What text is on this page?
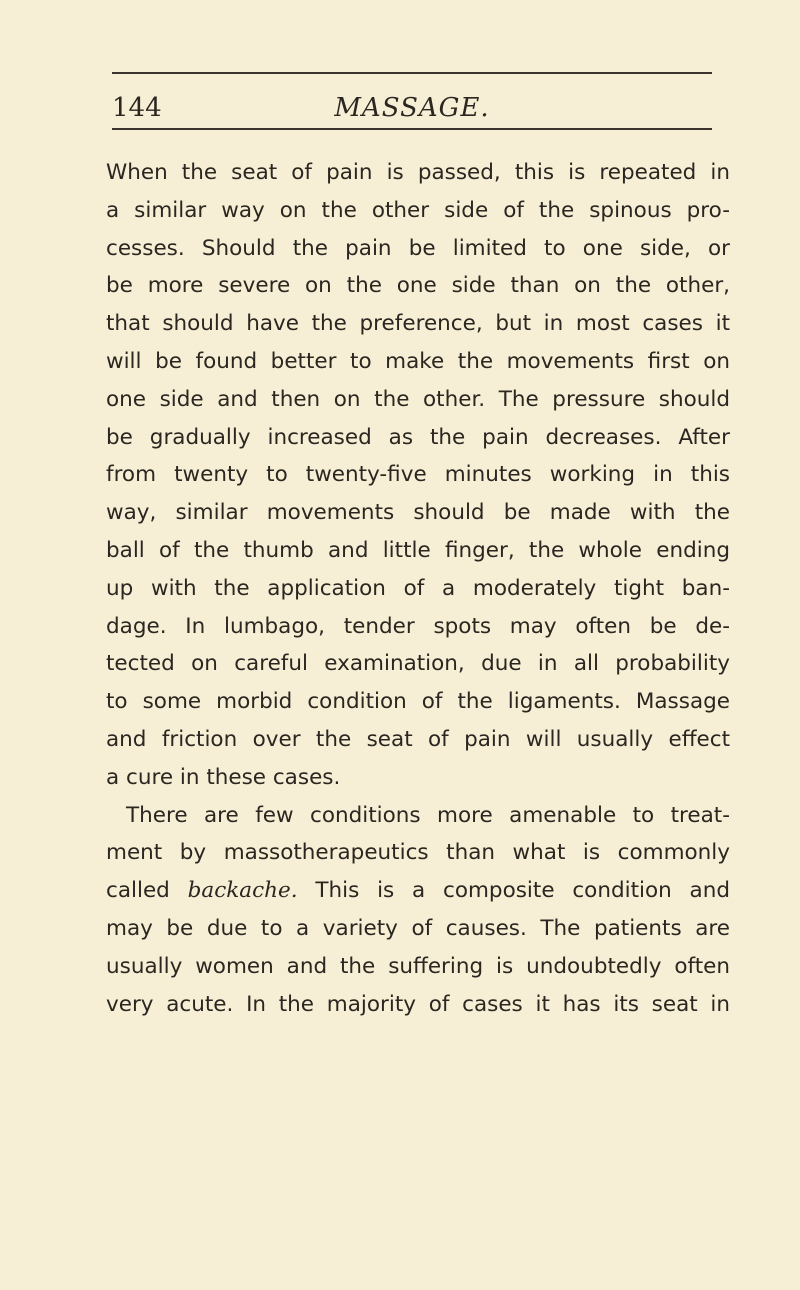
144	MASSAGE.
When the seat of pain is passed, this is repeated in
a similar way on the other side of the spinous pro-
cesses. Should the pain be limited to one side, or
be more severe on the one side than on the other,
that should have the preference, but in most cases it
will be found better to make the movements first on
one side and then on the other. The pressure should
be gradually increased as the pain decreases. After
from twenty to twenty-five minutes working in this
way, similar movements should be made with the
ball of the thumb and little finger, the whole ending
up with the application of a moderately tight ban-
dage. In lumbago, tender spots may often be de-
tected on careful examination, due in all probability
to some morbid condition of the ligaments. Massage
and friction over the seat of pain will usually effect
a cure in these cases.
There are few conditions more amenable to treat-
ment by massotherapeutics than what is commonly
called backache. This is a composite condition and
may be due to a variety of causes. The patients are
usually women and the suffering is undoubtedly often
very acute. In the majority of cases it has its seat in
